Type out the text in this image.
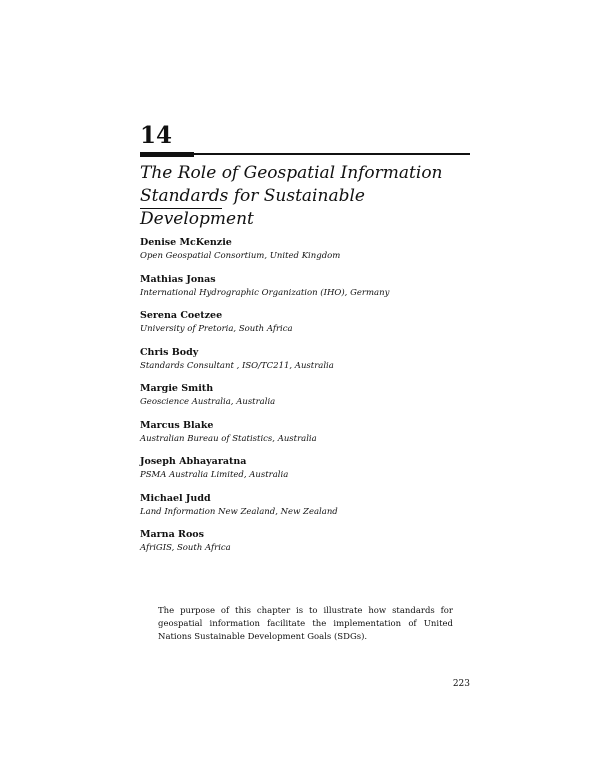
14
The Role of Geospatial Information Standards for Sustainable Development
Denise McKenzie
Open Geospatial Consortium, United Kingdom
Mathias Jonas
International Hydrographic Organization (IHO), Germany
Serena Coetzee
University of Pretoria, South Africa
Chris Body
Standards Consultant , ISO/TC211, Australia
Margie Smith
Geoscience Australia, Australia
Marcus Blake
Australian Bureau of Statistics, Australia
Joseph Abhayaratna
PSMA Australia Limited, Australia
Michael Judd
Land Information New Zealand, New Zealand
Marna Roos
AfriGIS, South Africa
The purpose of this chapter is to illustrate how standards for geospatial information facilitate the implementation of United Nations Sustainable Development Goals (SDGs).
223
